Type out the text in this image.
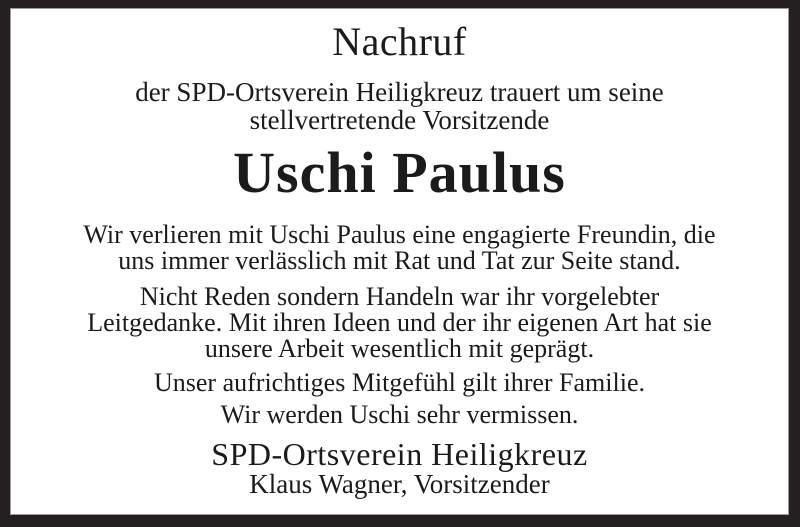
Nachruf
der SPD-Ortsverein Heiligkreuz trauert um seine
stellvertretende Vorsitzende
Uschi Paulus
Wir verlieren mit Uschi Paulus eine engagierte Freundin, die
uns immer verlässlich mit Rat und Tat zur Seite stand.
Nicht Reden sondern Handeln war ihr vorgelebter
Leitgedanke. Mit ihren Ideen und der ihr eigenen Art hat sie
unsere Arbeit wesentlich mit geprägt.
Unser aufrichtiges Mitgefühl gilt ihrer Familie.
Wir werden Uschi sehr vermissen.
SPD-Ortsverein Heiligkreuz
Klaus Wagner, Vorsitzender
